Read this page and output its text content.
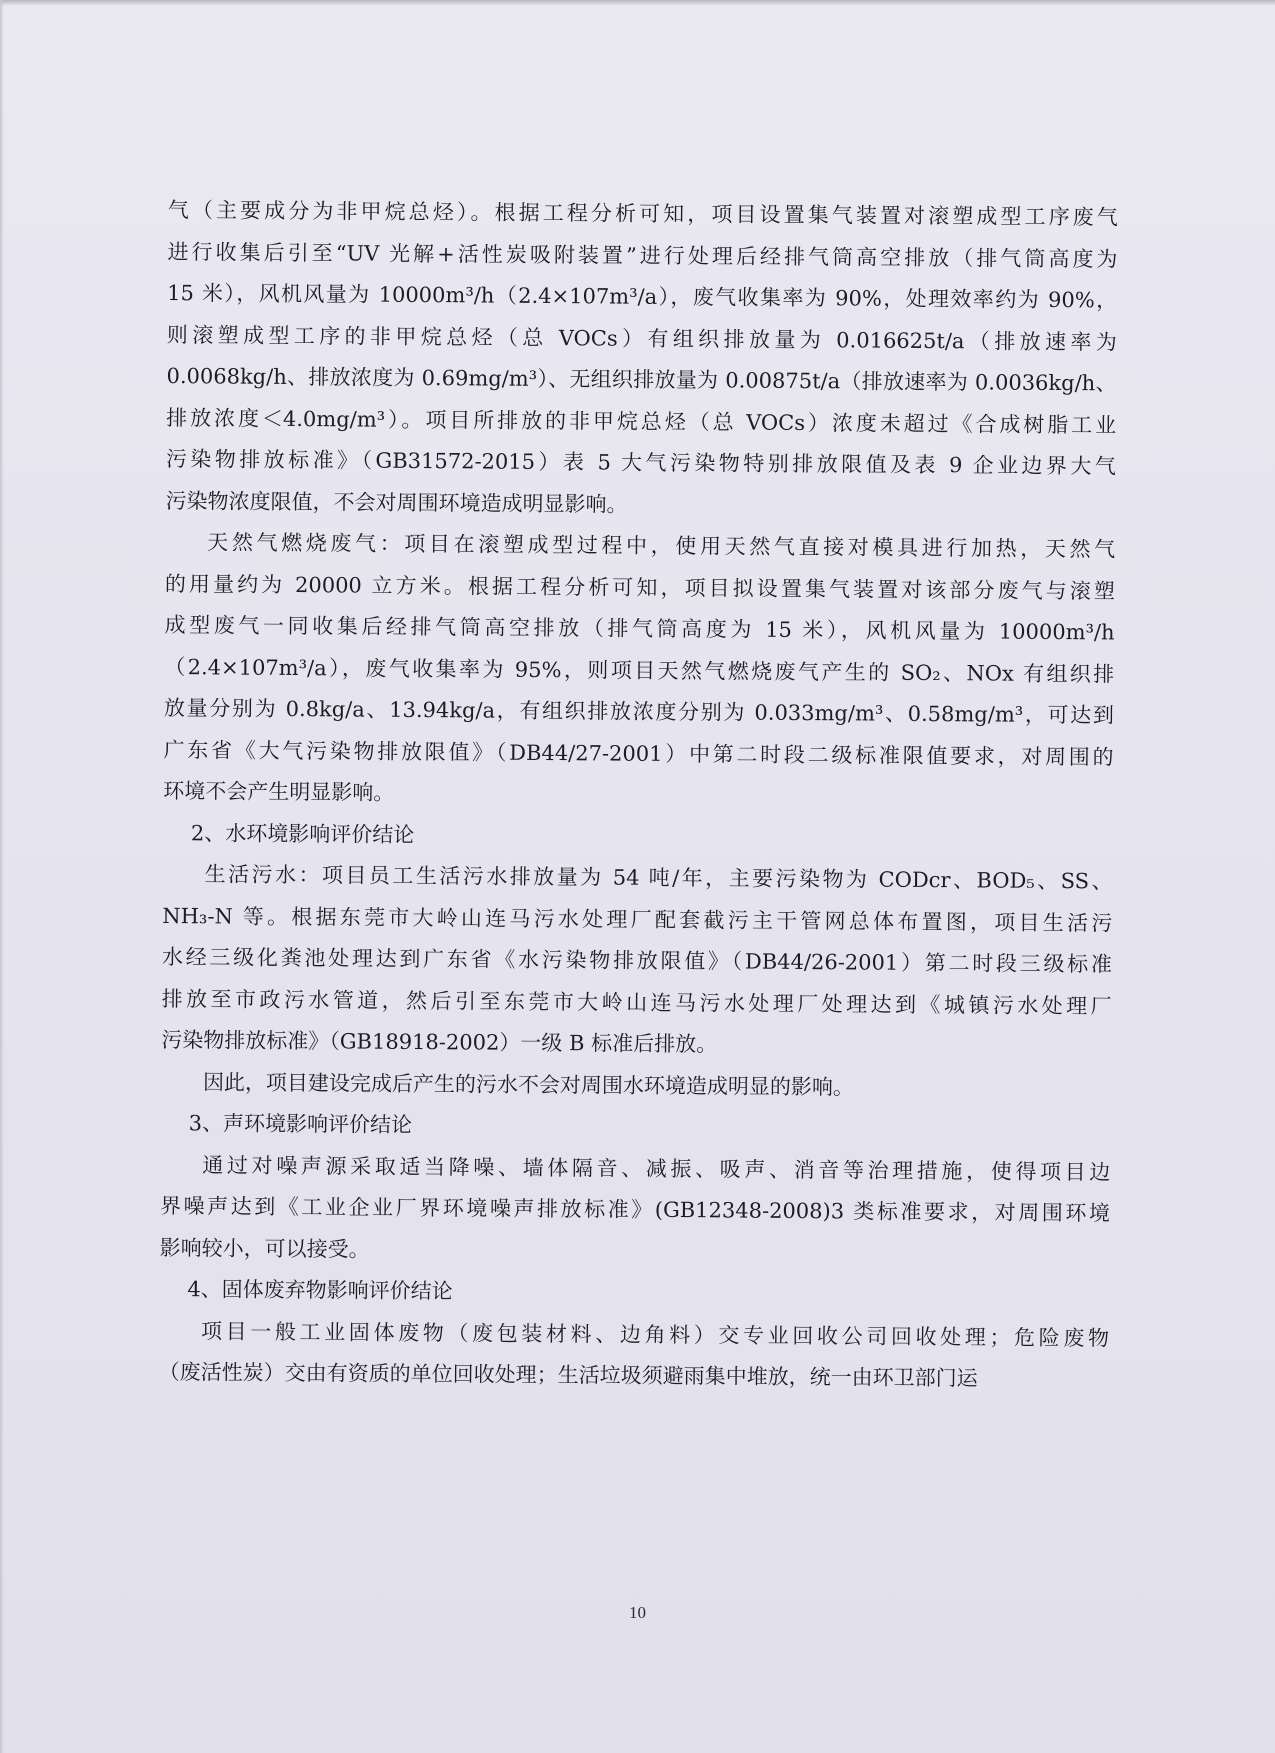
气（主要成分为非甲烷总烃）。根据工程分析可知，项目设置集气装置对滚塑成型工序废气
进行收集后引至“UV 光解+活性炭吸附装置”进行处理后经排气筒高空排放（排气筒高度为
15 米），风机风量为 10000m³/h（2.4×107m³/a），废气收集率为 90%，处理效率约为 90%，
则滚塑成型工序的非甲烷总烃（总 VOCs）有组织排放量为 0.016625t/a（排放速率为
0.0068kg/h、排放浓度为 0.69mg/m³）、无组织排放量为 0.00875t/a（排放速率为 0.0036kg/h、
排放浓度＜4.0mg/m³）。项目所排放的非甲烷总烃（总 VOCs）浓度未超过《合成树脂工业
污染物排放标准》（GB31572-2015）表 5 大气污染物特别排放限值及表 9 企业边界大气
污染物浓度限值，不会对周围环境造成明显影响。
天然气燃烧废气：项目在滚塑成型过程中，使用天然气直接对模具进行加热，天然气
的用量约为 20000 立方米。根据工程分析可知，项目拟设置集气装置对该部分废气与滚塑
成型废气一同收集后经排气筒高空排放（排气筒高度为 15 米），风机风量为 10000m³/h
（2.4×107m³/a），废气收集率为 95%，则项目天然气燃烧废气产生的 SO₂、NOx 有组织排
放量分别为 0.8kg/a、13.94kg/a，有组织排放浓度分别为 0.033mg/m³、0.58mg/m³，可达到
广东省《大气污染物排放限值》（DB44/27-2001）中第二时段二级标准限值要求，对周围的
环境不会产生明显影响。
2、水环境影响评价结论
生活污水：项目员工生活污水排放量为 54 吨/年，主要污染物为 CODcr、BOD₅、SS、
NH₃-N 等。根据东莞市大岭山连马污水处理厂配套截污主干管网总体布置图，项目生活污
水经三级化粪池处理达到广东省《水污染物排放限值》（DB44/26-2001）第二时段三级标准
排放至市政污水管道，然后引至东莞市大岭山连马污水处理厂处理达到《城镇污水处理厂
污染物排放标准》（GB18918-2002）一级 B 标准后排放。
因此，项目建设完成后产生的污水不会对周围水环境造成明显的影响。
3、声环境影响评价结论
通过对噪声源采取适当降噪、墙体隔音、减振、吸声、消音等治理措施，使得项目边
界噪声达到《工业企业厂界环境噪声排放标准》(GB12348-2008)3 类标准要求，对周围环境
影响较小，可以接受。
4、固体废弃物影响评价结论
项目一般工业固体废物（废包装材料、边角料）交专业回收公司回收处理；危险废物
（废活性炭）交由有资质的单位回收处理；生活垃圾须避雨集中堆放，统一由环卫部门运
10
